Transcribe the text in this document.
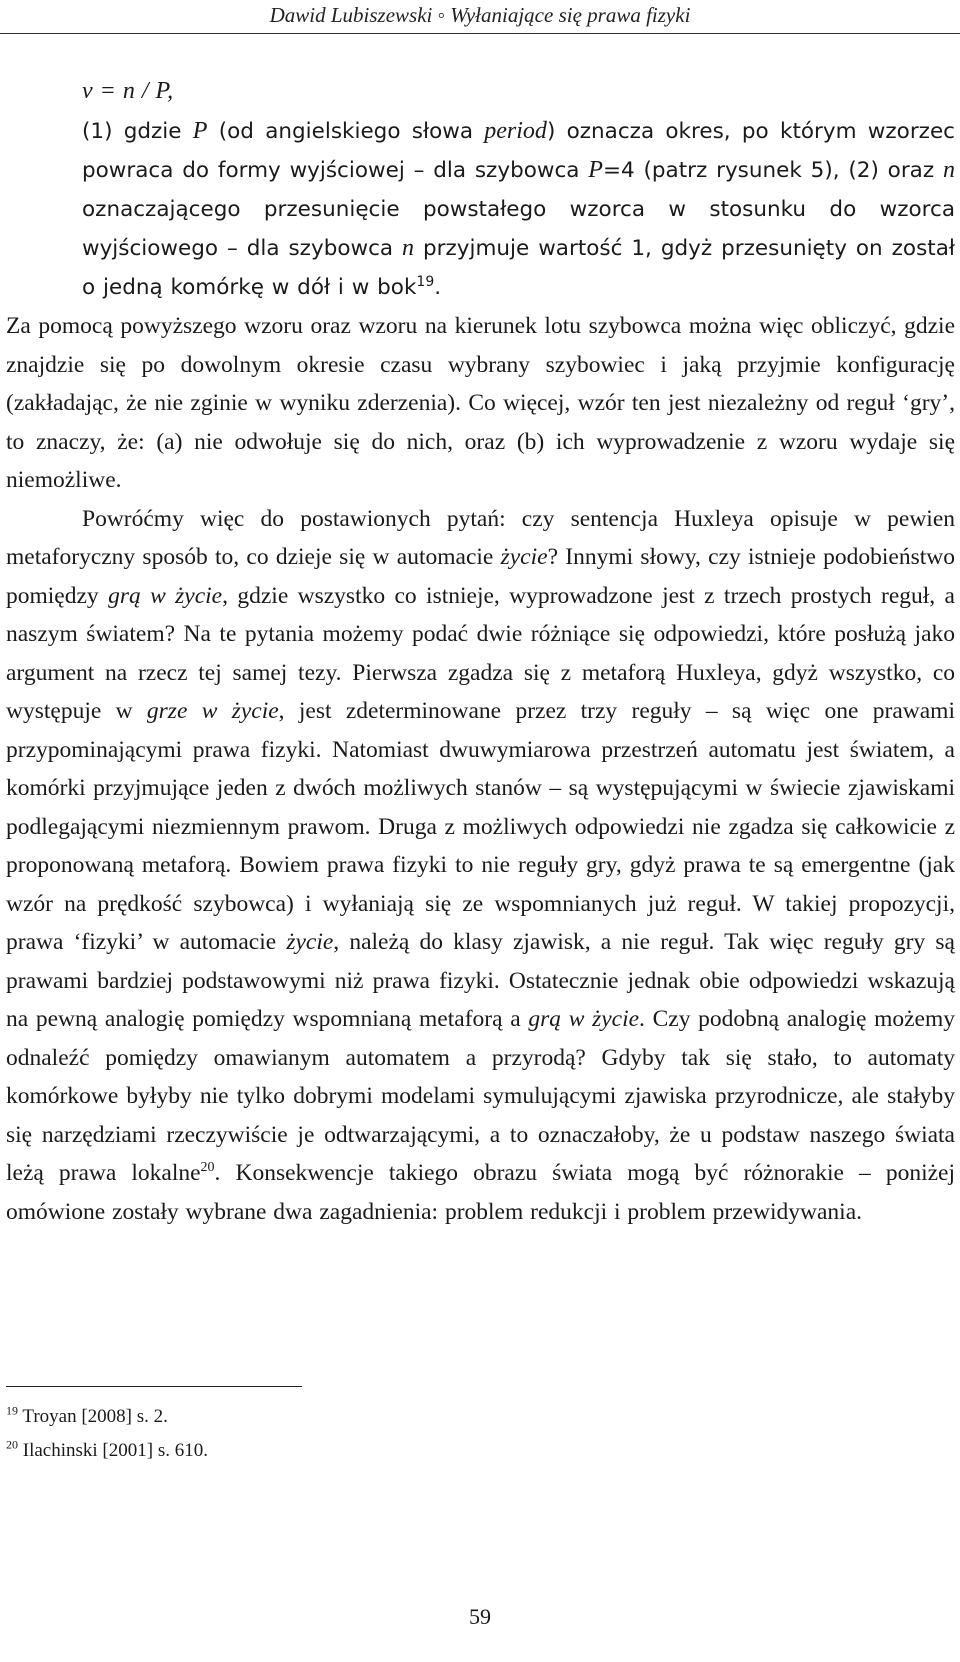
Dawid Lubiszewski ◦ Wyłaniające się prawa fizyki

v = n / P,
(1) gdzie P (od angielskiego słowa period) oznacza okres, po którym wzorzec powraca do formy wyjściowej – dla szybowca P=4 (patrz rysunek 5), (2) oraz n oznaczającego przesunięcie powstałego wzorca w stosunku do wzorca wyjściowego – dla szybowca n przyjmuje wartość 1, gdyż przesunięty on został o jedną komórkę w dół i w bok$^{19}$.

Za pomocą powyższego wzoru oraz wzoru na kierunek lotu szybowca można więc obliczyć, gdzie znajdzie się po dowolnym okresie czasu wybrany szybowiec i jaką przyjmie konfigurację (zakładając, że nie zginie w wyniku zderzenia). Co więcej, wzór ten jest niezależny od reguł ‘gry’, to znaczy, że: (a) nie odwołuje się do nich, oraz (b) ich wyprowadzenie z wzoru wydaje się niemożliwe.

Powróćmy więc do postawionych pytań: czy sentencja Huxleya opisuje w pewien metaforyczny sposób to, co dzieje się w automacie życie? Innymi słowy, czy istnieje podobieństwo pomiędzy grą w życie, gdzie wszystko co istnieje, wyprowadzone jest z trzech prostych reguł, a naszym światem? Na te pytania możemy podać dwie różniące się odpowiedzi, które posłużą jako argument na rzecz tej samej tezy. Pierwsza zgadza się z metaforą Huxleya, gdyż wszystko, co występuje w grze w życie, jest zdeterminowane przez trzy reguły – są więc one prawami przypominającymi prawa fizyki. Natomiast dwuwymiarowa przestrzeń automatu jest światem, a komórki przyjmujące jeden z dwóch możliwych stanów – są występującymi w świecie zjawiskami podlegającymi niezmiennym prawom. Druga z możliwych odpowiedzi nie zgadza się całkowicie z proponowaną metaforą. Bowiem prawa fizyki to nie reguły gry, gdyż prawa te są emergentne (jak wzór na prędkość szybowca) i wyłaniają się ze wspomnianych już reguł. W takiej propozycji, prawa ‘fizyki’ w automacie życie, należą do klasy zjawisk, a nie reguł. Tak więc reguły gry są prawami bardziej podstawowymi niż prawa fizyki. Ostatecznie jednak obie odpowiedzi wskazują na pewną analogię pomiędzy wspomnianą metaforą a grą w życie. Czy podobną analogię możemy odnaleźć pomiędzy omawianym automatem a przyrodą? Gdyby tak się stało, to automaty komórkowe byłyby nie tylko dobrymi modelami symulującymi zjawiska przyrodnicze, ale stałyby się narzędziami rzeczywiście je odtwarzającymi, a to oznaczałoby, że u podstaw naszego świata leżą prawa lokalne$^{20}$. Konsekwencje takiego obrazu świata mogą być różnorakie – poniżej omówione zostały wybrane dwa zagadnienia: problem redukcji i problem przewidywania.

$^{19}$ Troyan [2008] s. 2.

$^{20}$ Ilachinski [2001] s. 610.

59
